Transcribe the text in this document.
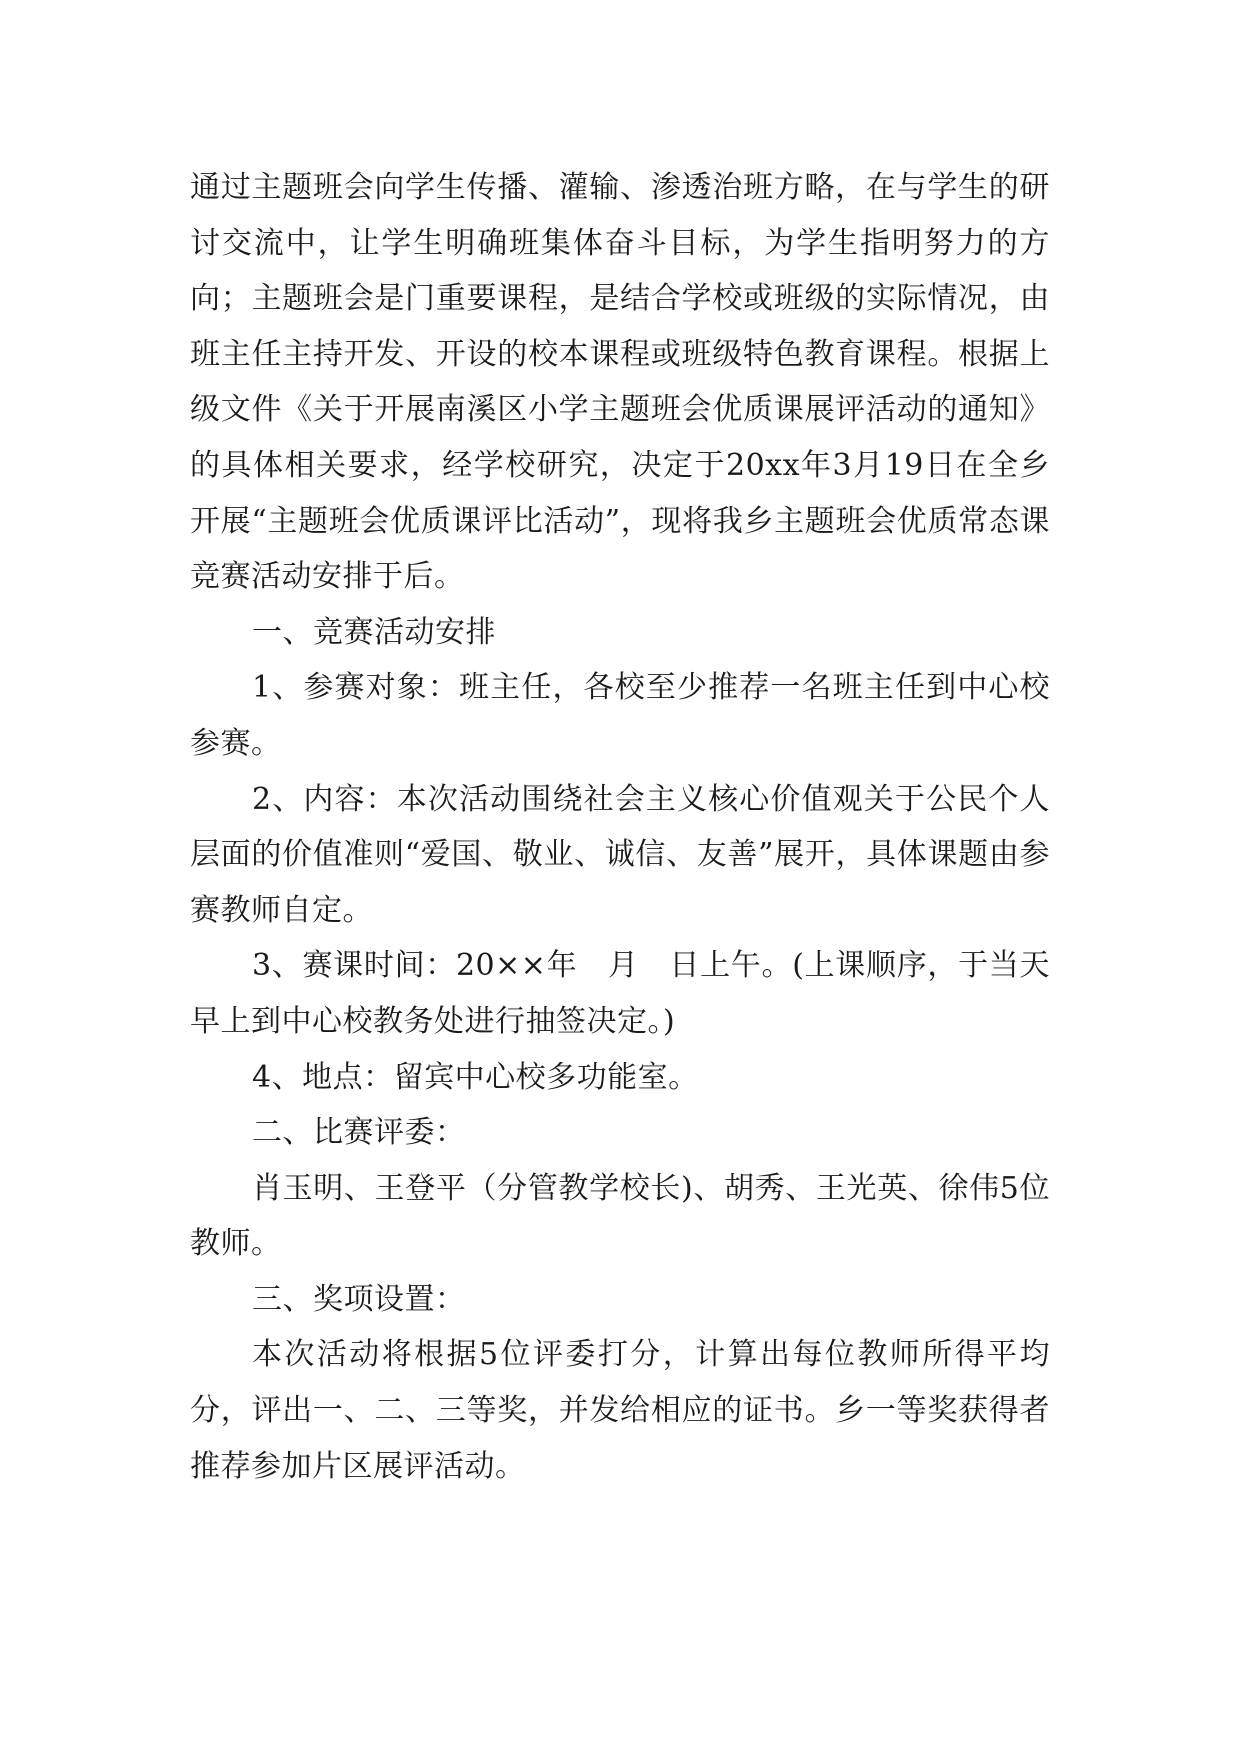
通过主题班会向学生传播、灌输、渗透治班方略，在与学生的研讨交流中，让学生明确班集体奋斗目标，为学生指明努力的方向；主题班会是门重要课程，是结合学校或班级的实际情况，由班主任主持开发、开设的校本课程或班级特色教育课程。根据上级文件《关于开展南溪区小学主题班会优质课展评活动的通知》的具体相关要求，经学校研究，决定于20xx年3月19日在全乡开展“主题班会优质课评比活动”，现将我乡主题班会优质常态课竞赛活动安排于后。

一、竞赛活动安排

1、参赛对象：班主任，各校至少推荐一名班主任到中心校参赛。

2、内容：本次活动围绕社会主义核心价值观关于公民个人层面的价值准则“爱国、敬业、诚信、友善”展开，具体课题由参赛教师自定。

3、赛课时间：20××年　月　日上午。(上课顺序，于当天早上到中心校教务处进行抽签决定。)

4、地点：留宾中心校多功能室。

二、比赛评委：

肖玉明、王登平（分管教学校长)、胡秀、王光英、徐伟5位教师。

三、奖项设置：

本次活动将根据5位评委打分，计算出每位教师所得平均分，评出一、二、三等奖，并发给相应的证书。乡一等奖获得者推荐参加片区展评活动。
